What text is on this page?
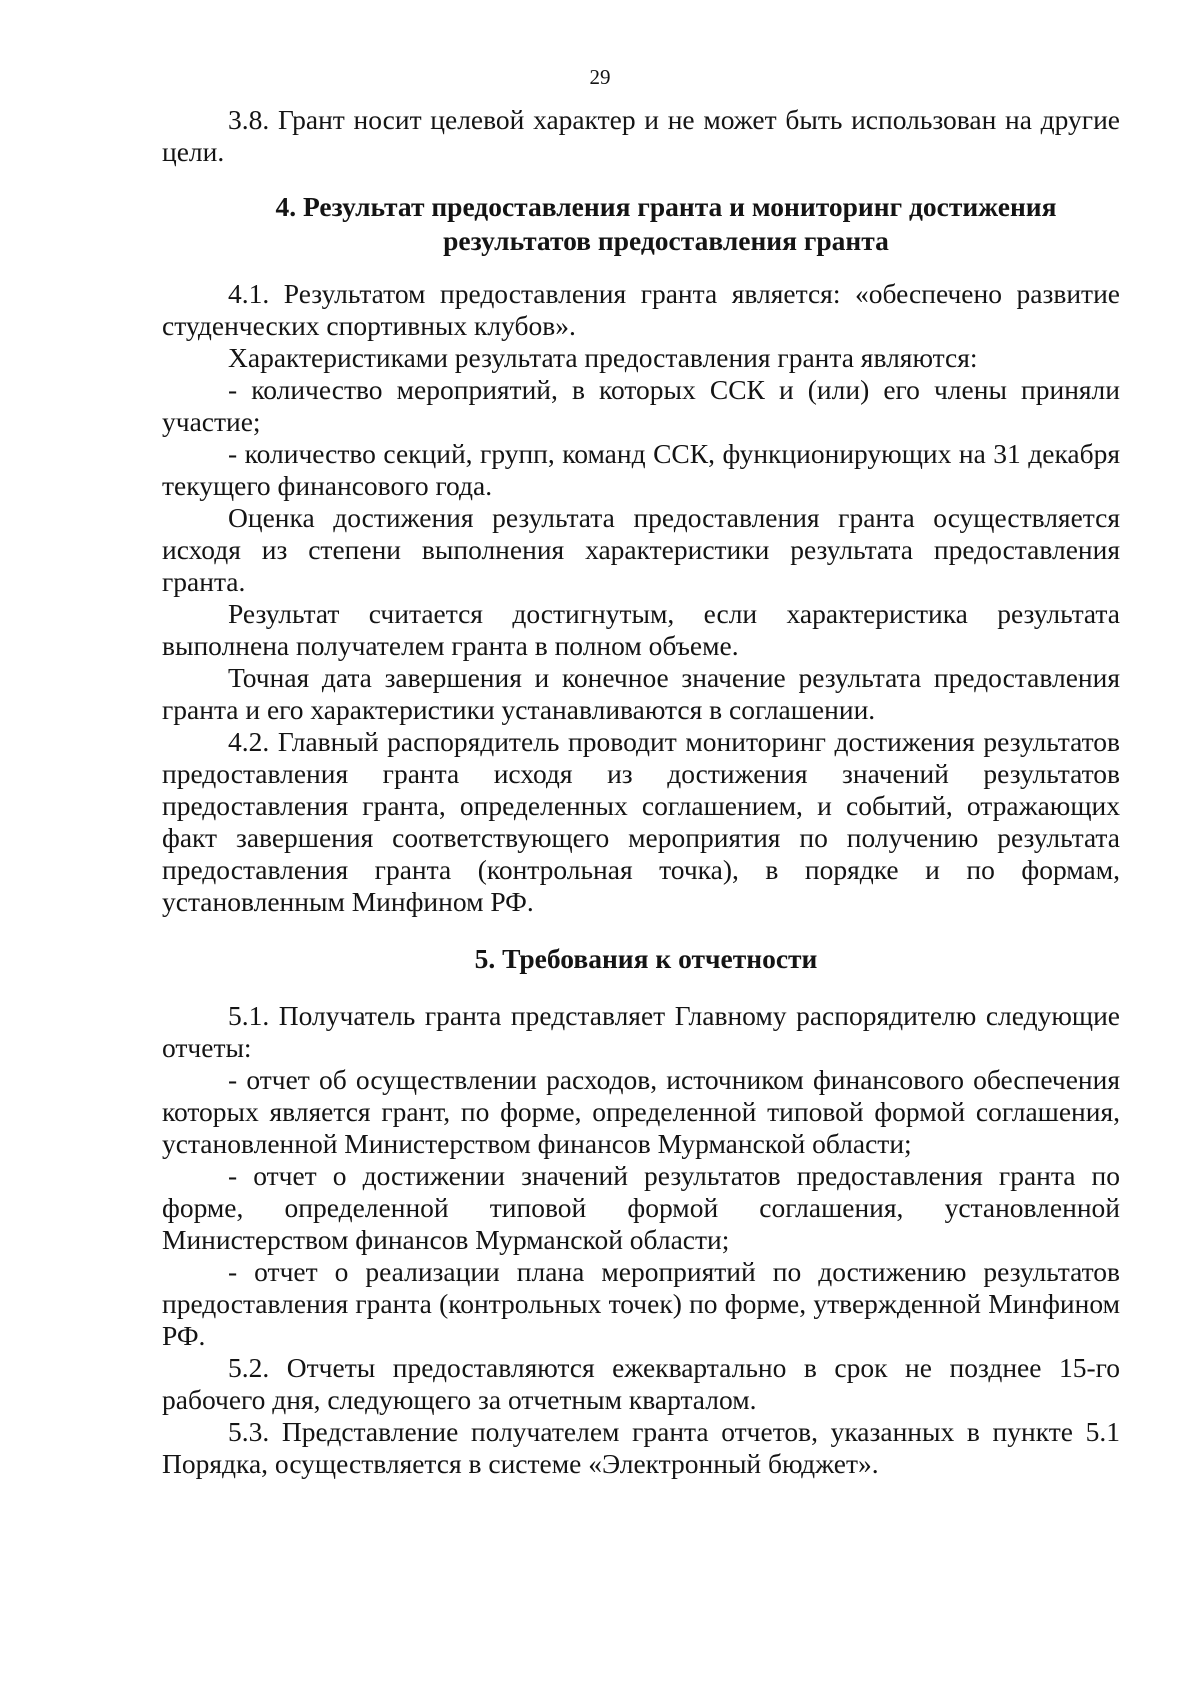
29

3.8. Грант носит целевой характер и не может быть использован на другие цели.

4. Результат предоставления гранта и мониторинг достижения
результатов предоставления гранта

4.1. Результатом предоставления гранта является: «обеспечено развитие студенческих спортивных клубов».

Характеристиками результата предоставления гранта являются:

- количество мероприятий, в которых ССК и (или) его члены приняли участие;

- количество секций, групп, команд ССК, функционирующих на 31 декабря текущего финансового года.

Оценка достижения результата предоставления гранта осуществляется исходя из степени выполнения характеристики результата предоставления гранта.

Результат считается достигнутым, если характеристика результата выполнена получателем гранта в полном объеме.

Точная дата завершения и конечное значение результата предоставления гранта и его характеристики устанавливаются в соглашении.

4.2. Главный распорядитель проводит мониторинг достижения результатов предоставления гранта исходя из достижения значений результатов предоставления гранта, определенных соглашением, и событий, отражающих факт завершения соответствующего мероприятия по получению результата предоставления гранта (контрольная точка), в порядке и по формам, установленным Минфином РФ.

5. Требования к отчетности

5.1. Получатель гранта представляет Главному распорядителю следующие отчеты:

- отчет об осуществлении расходов, источником финансового обеспечения которых является грант, по форме, определенной типовой формой соглашения, установленной Министерством финансов Мурманской области;

- отчет о достижении значений результатов предоставления гранта по форме, определенной типовой формой соглашения, установленной Министерством финансов Мурманской области;

- отчет о реализации плана мероприятий по достижению результатов предоставления гранта (контрольных точек) по форме, утвержденной Минфином РФ.

5.2. Отчеты предоставляются ежеквартально в срок не позднее 15-го рабочего дня, следующего за отчетным кварталом.

5.3. Представление получателем гранта отчетов, указанных в пункте 5.1 Порядка, осуществляется в системе «Электронный бюджет».
